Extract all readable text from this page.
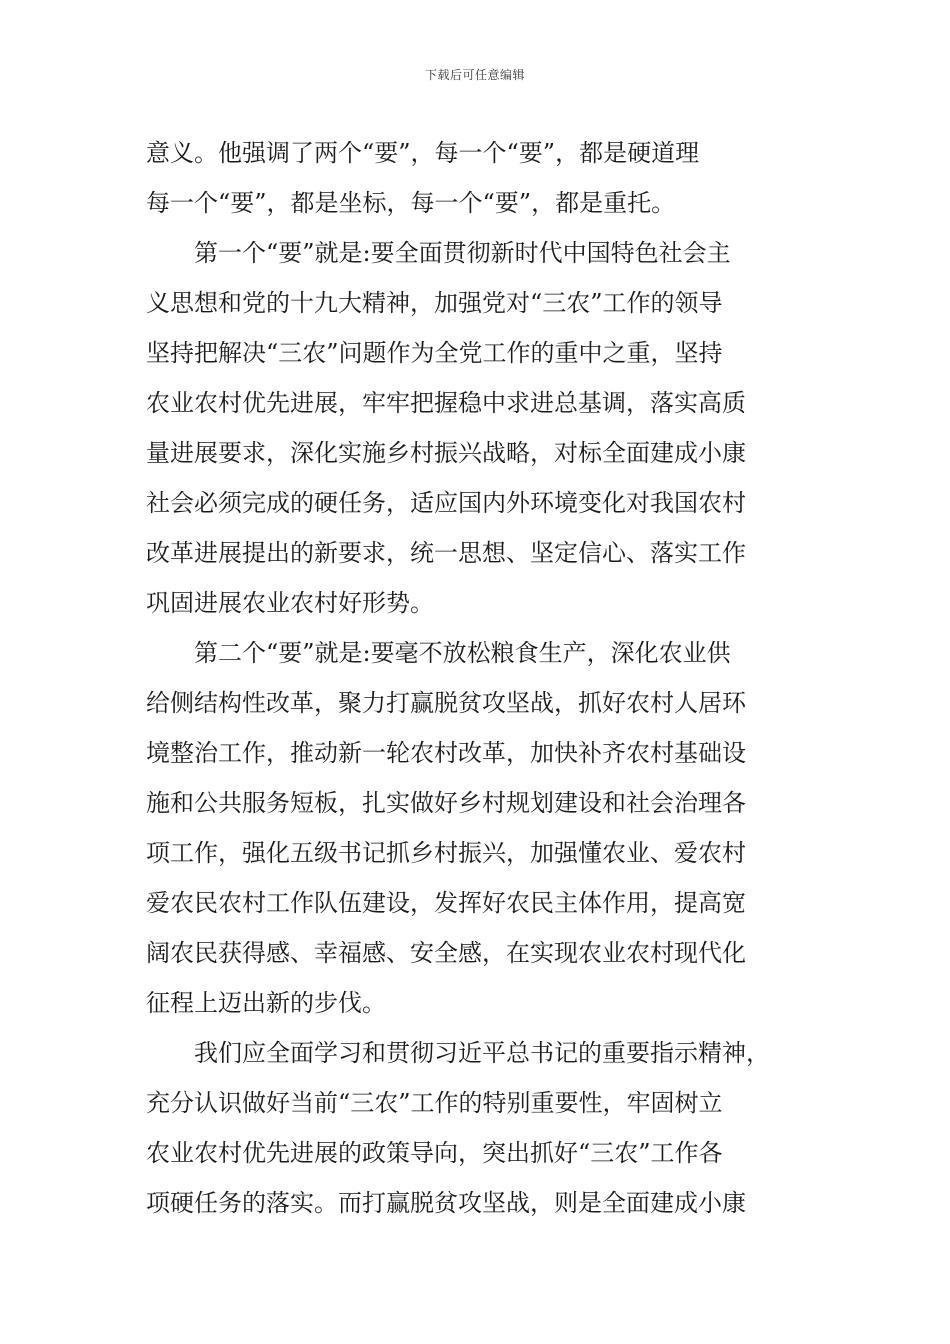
下载后可任意编辑
意义。他强调了两个“要”，每一个“要”，都是硬道理
每一个“要”，都是坐标，每一个“要”，都是重托。
第一个“要”就是:要全面贯彻新时代中国特色社会主
义思想和党的十九大精神，加强党对“三农”工作的领导
坚持把解决“三农”问题作为全党工作的重中之重，坚持
农业农村优先进展，牢牢把握稳中求进总基调，落实高质
量进展要求，深化实施乡村振兴战略，对标全面建成小康
社会必须完成的硬任务，适应国内外环境变化对我国农村
改革进展提出的新要求，统一思想、坚定信心、落实工作
巩固进展农业农村好形势。
第二个“要”就是:要毫不放松粮食生产，深化农业供
给侧结构性改革，聚力打赢脱贫攻坚战，抓好农村人居环
境整治工作，推动新一轮农村改革，加快补齐农村基础设
施和公共服务短板，扎实做好乡村规划建设和社会治理各
项工作，强化五级书记抓乡村振兴，加强懂农业、爱农村
爱农民农村工作队伍建设，发挥好农民主体作用，提高宽
阔农民获得感、幸福感、安全感，在实现农业农村现代化
征程上迈出新的步伐。
我们应全面学习和贯彻习近平总书记的重要指示精神，
充分认识做好当前“三农”工作的特别重要性，牢固树立
农业农村优先进展的政策导向，突出抓好“三农”工作各
项硬任务的落实。而打赢脱贫攻坚战，则是全面建成小康
